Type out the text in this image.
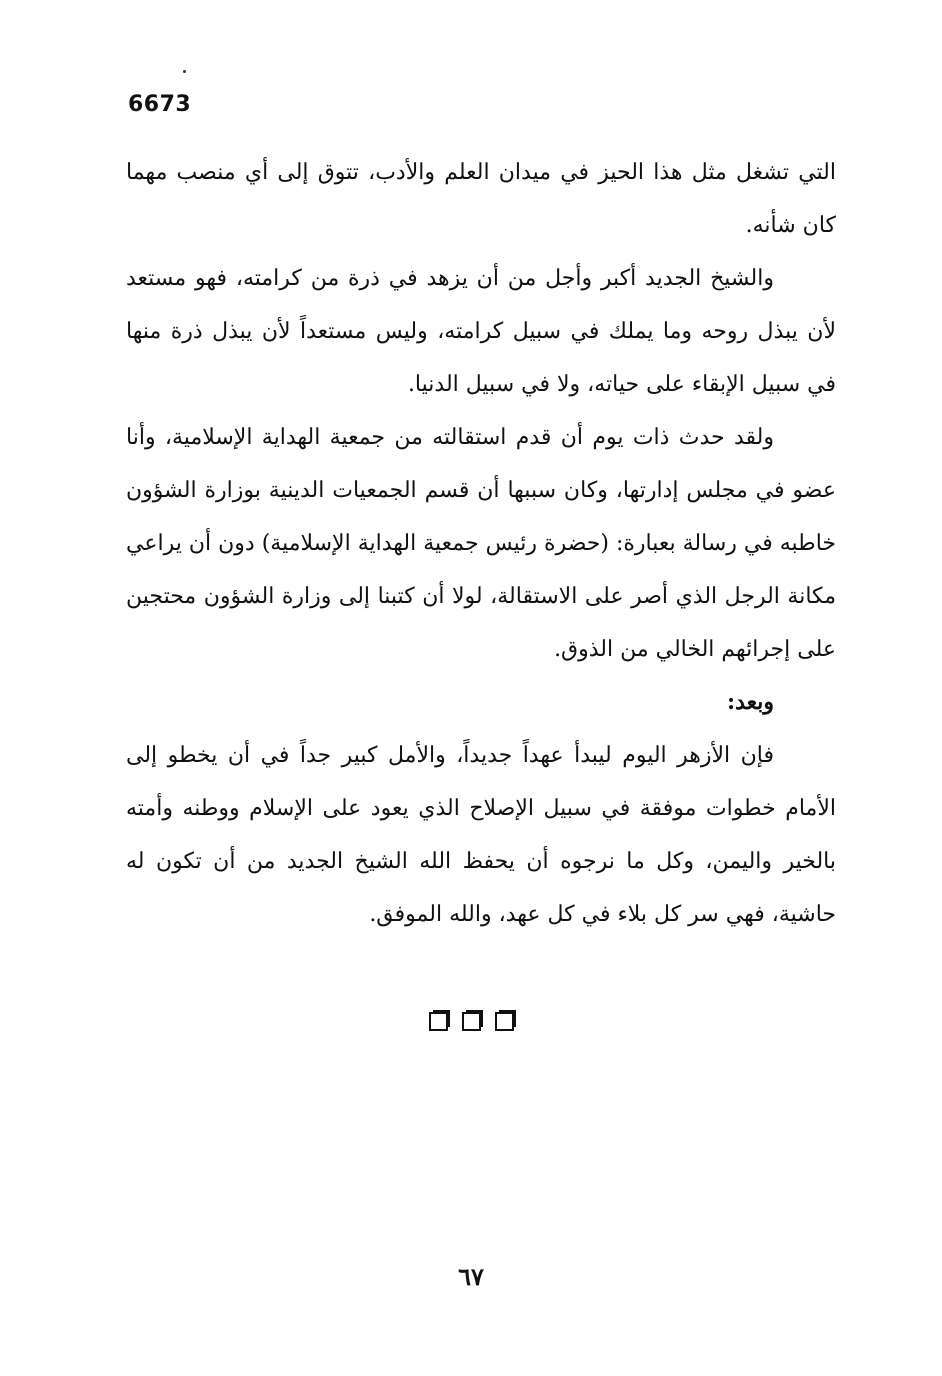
6673

التي تشغل مثل هذا الحيز في ميدان العلم والأدب، تتوق إلى أي منصب مهما كان شأنه.

والشيخ الجديد أكبر وأجل من أن يزهد في ذرة من كرامته، فهو مستعد لأن يبذل روحه وما يملك في سبيل كرامته، وليس مستعداً لأن يبذل ذرة منها في سبيل الإبقاء على حياته، ولا في سبيل الدنيا.

ولقد حدث ذات يوم أن قدم استقالته من جمعية الهداية الإسلامية، وأنا عضو في مجلس إدارتها، وكان سببها أن قسم الجمعيات الدينية بوزارة الشؤون خاطبه في رسالة بعبارة: (حضرة رئيس جمعية الهداية الإسلامية) دون أن يراعي مكانة الرجل الذي أصر على الاستقالة، لولا أن كتبنا إلى وزارة الشؤون محتجين على إجرائهم الخالي من الذوق.

وبعد:

فإن الأزهر اليوم ليبدأ عهداً جديداً، والأمل كبير جداً في أن يخطو إلى الأمام خطوات موفقة في سبيل الإصلاح الذي يعود على الإسلام ووطنه وأمته بالخير واليمن، وكل ما نرجوه أن يحفظ الله الشيخ الجديد من أن تكون له حاشية، فهي سر كل بلاء في كل عهد، والله الموفق.

٦٧
